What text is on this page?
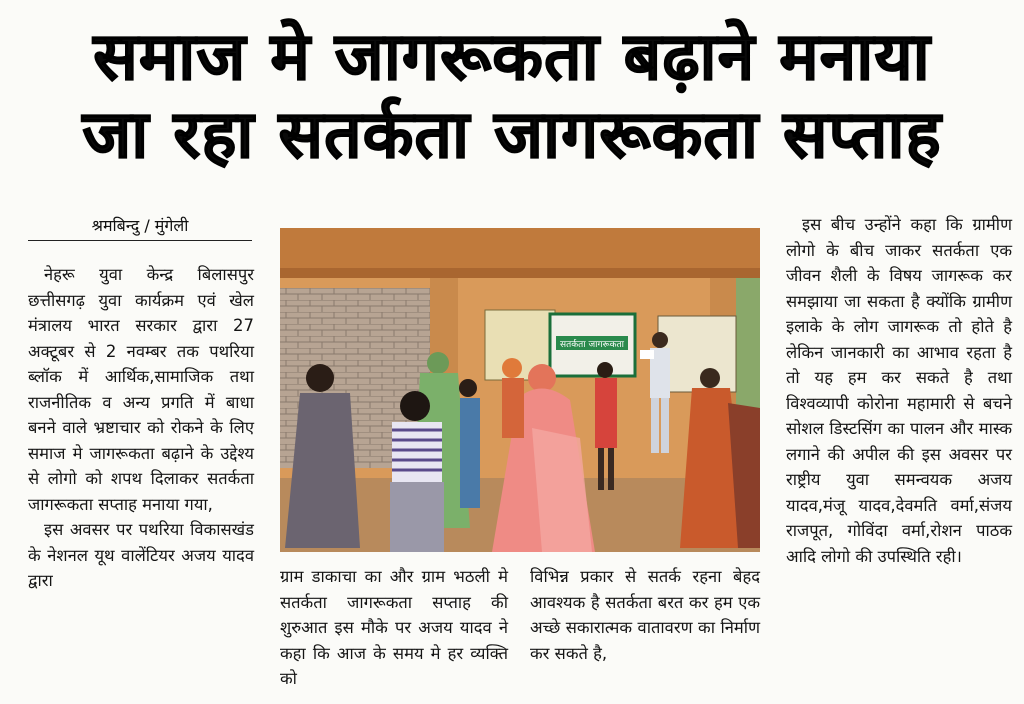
समाज मे जागरूकता बढ़ाने मनाया
जा रहा सतर्कता जागरूकता सप्ताह
श्रमबिन्दु / मुंगेली

नेहरू युवा केन्द्र बिलासपुर छत्तीसगढ़ युवा कार्यक्रम एवं खेल मंत्रालय भारत सरकार द्वारा 27 अक्टूबर से 2 नवम्बर तक पथरिया ब्लॉक में आर्थिक,सामाजिक तथा राजनीतिक व अन्य प्रगति में बाधा बनने वाले भ्रष्टाचार को रोकने के लिए समाज मे जागरूकता बढ़ाने के उद्देश्य से लोगो को शपथ दिलाकर सतर्कता जागरूकता सप्ताह मनाया गया,

इस अवसर पर पथरिया विकासखंड के नेशनल यूथ वालेंटियर अजय यादव द्वारा

सतर्कता जागरूकता

ग्राम डाकाचा का और ग्राम भठली मे सतर्कता जागरूकता सप्ताह की शुरुआत इस मौके पर अजय यादव ने कहा कि आज के समय मे हर व्यक्ति को

विभिन्न प्रकार से सतर्क रहना बेहद आवश्यक है सतर्कता बरत कर हम एक अच्छे सकारात्मक वातावरण का निर्माण कर सकते है,

इस बीच उन्होंने कहा कि ग्रामीण लोगो के बीच जाकर सतर्कता एक जीवन शैली के विषय जागरूक कर समझाया जा सकता है क्योंकि ग्रामीण इलाके के लोग जागरूक तो होते है लेकिन जानकारी का आभाव रहता है तो यह हम कर सकते है तथा विश्वव्यापी कोरोना महामारी से बचने सोशल डिस्टसिंग का पालन और मास्क लगाने की अपील की इस अवसर पर राष्ट्रीय युवा समन्वयक अजय यादव,मंजू यादव,देवमति वर्मा,संजय राजपूत, गोविंदा वर्मा,रोशन पाठक आदि लोगो की उपस्थिति रही।
